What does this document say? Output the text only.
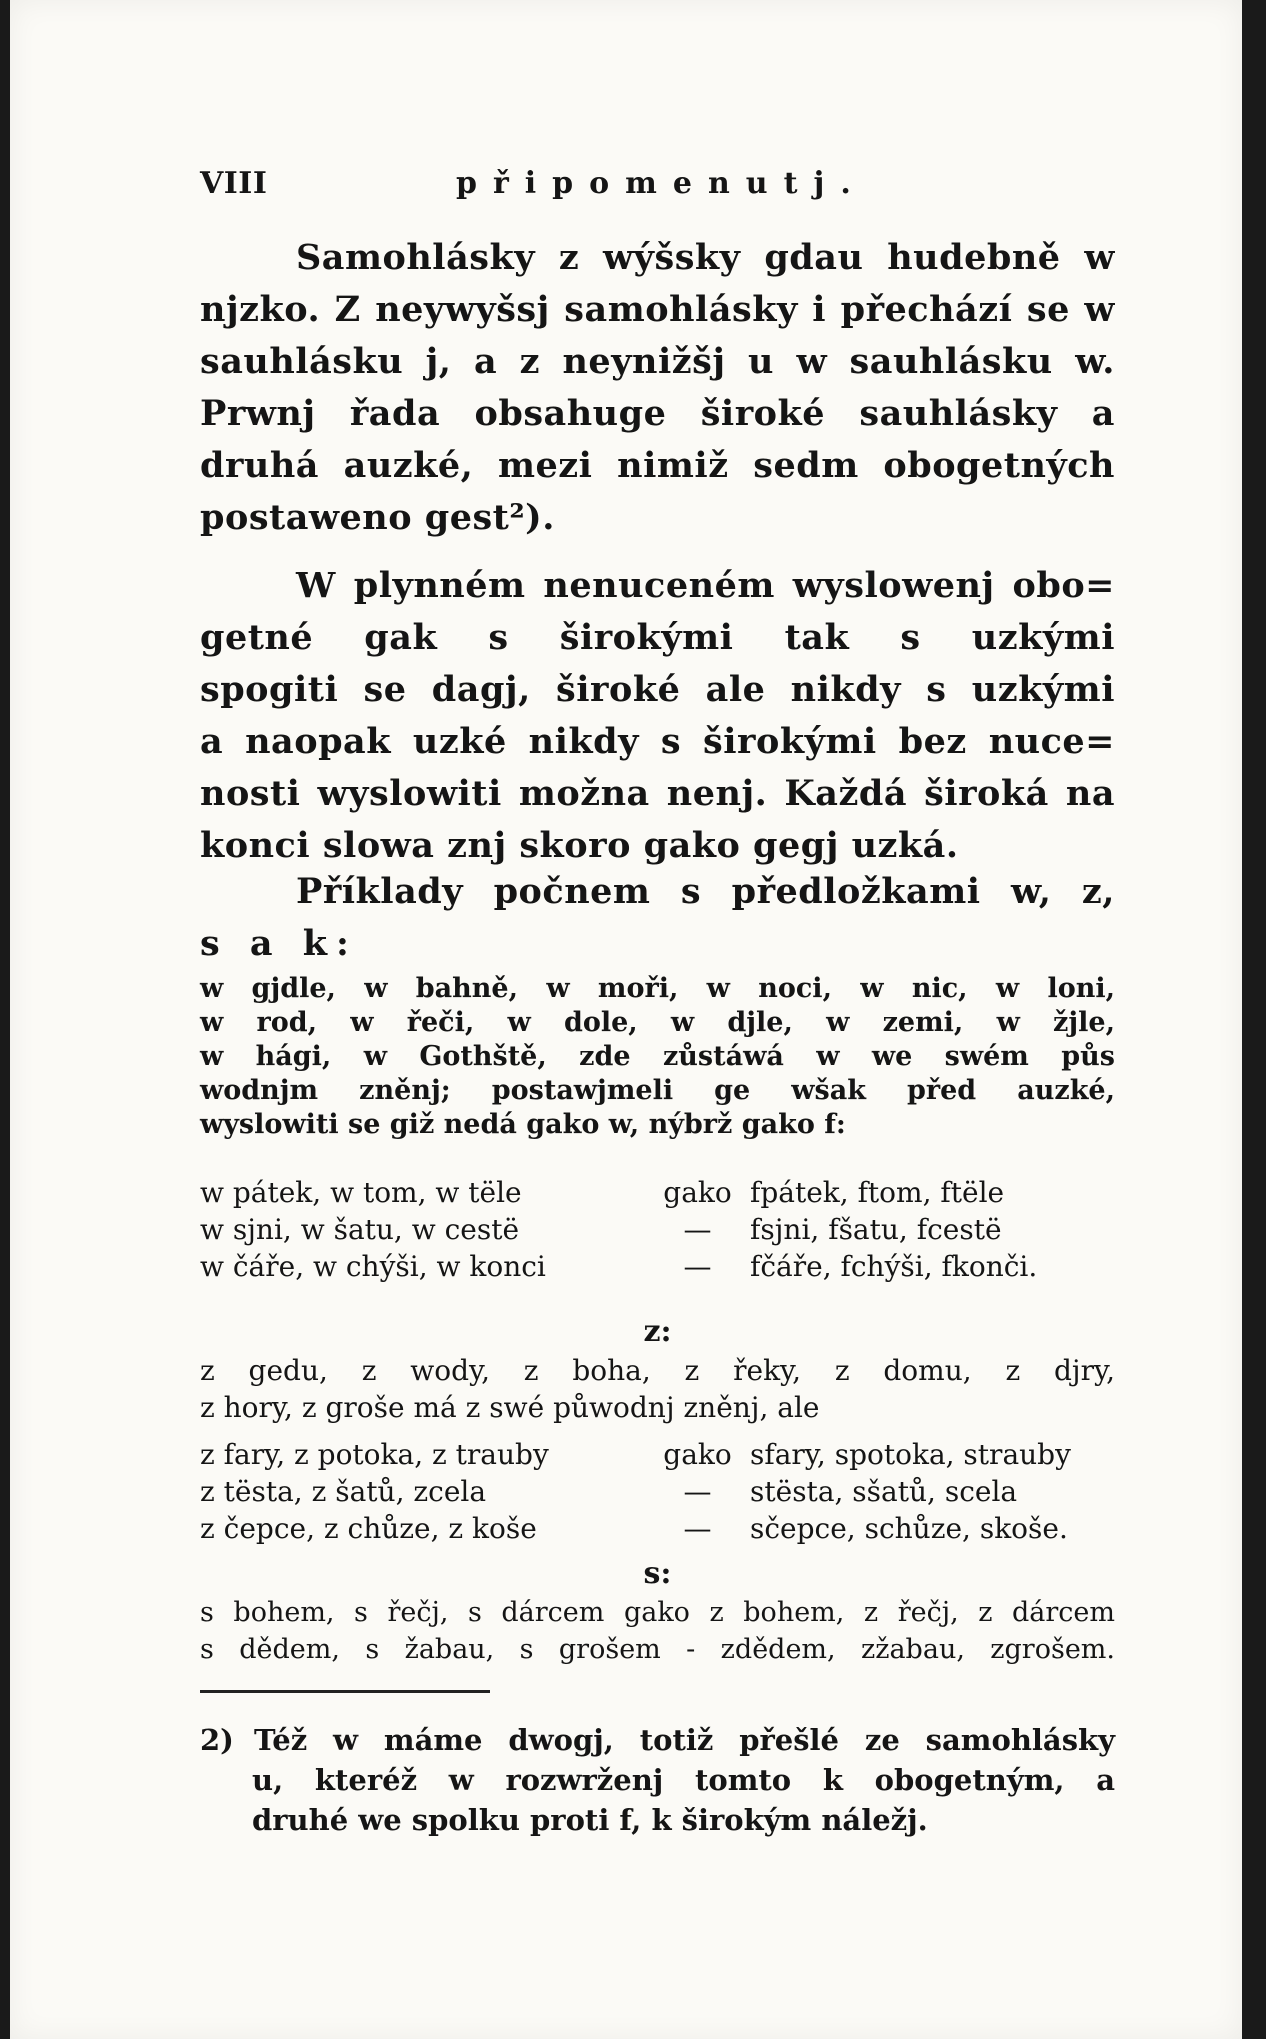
VIII	připomenutj.
Samohlásky z wýšsky gdau hudebně w
njzko. Z neywyšsj samohlásky i přechází se w
sauhlásku j, a z neynižšj u w sauhlásku w.
Prwnj řada obsahuge široké sauhlásky a
druhá auzké, mezi nimiž sedm obogetných
postaweno gest²).
W plynném nenuceném wyslowenj obo=
getné gak s širokými tak s uzkými
spogiti se dagj, široké ale nikdy s uzkými
a naopak uzké nikdy s širokými bez nuce=
nosti wyslowiti možna nenj. Každá široká na
konci slowa znj skoro gako gegj uzká.
Příklady počnem s předložkami w, z,
s a k:
w gjdle, w bahně, w moři, w noci, w nic, w loni,
w rod, w řeči, w dole, w djle, w zemi, w žjle,
w hági, w Gothště, zde zůstáwá w we swém půs
wodnjm zněnj; postawjmeli ge wšak před auzké,
wyslowiti se giž nedá gako w, nýbrž gako f:
w pátek, w tom, w tële	gako fpátek, ftom, ftële
w sjni, w šatu, w cestë	—	fsjni, fšatu, fcestë
w čáře, w chýši, w konci	—	fčáře, fchýši, fkonči.
z:
z gedu, z wody, z boha, z řeky, z domu, z djry,
z hory, z groše má z swé půwodnj zněnj, ale
z fary, z potoka, z trauby	gako sfary, spotoka, strauby
z tësta, z šatů, zcela	—	stësta, sšatů, scela
z čepce, z chůze, z koše	—	sčepce, schůze, skoše.
s:
s bohem, s řečj, s dárcem gako z bohem, z řečj, z dárcem
s dědem, s žabau, s grošem - zdědem, zžabau, zgrošem.
2) Též w máme dwogj, totiž přešlé ze samohlásky
u, kteréž w rozwrženj tomto k obogetným, a
druhé we spolku proti f, k širokým náležj.
